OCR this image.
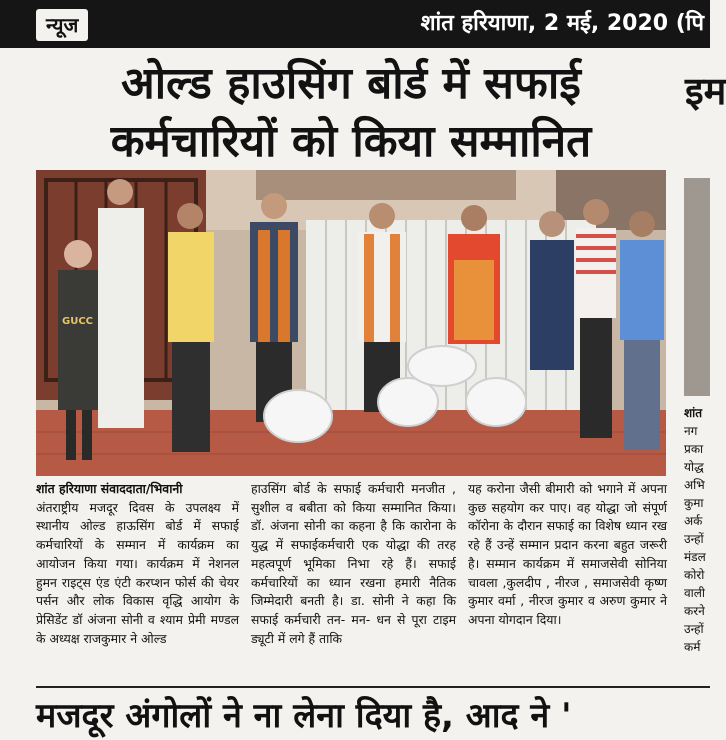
न्यूज	शांत हरियाणा, 2 मई, 2020 (पि
ओल्ड हाउसिंग बोर्ड में सफाई
कर्मचारियों को किया सम्मानित
इम
GUCC
शांत
नग
प्रका
योद्ध
अभि
कुमा
अर्क
उन्हों
मंडल
कोरो
वाली
करने
उन्हों
कर्म

शांत हरियाणा संवाददाता/भिवानी

अंतराष्ट्रीय मजदूर दिवस के उपलक्ष्य में स्थानीय ओल्ड हाऊसिंग बोर्ड में सफाई कर्मचारियों के सम्मान में कार्यक्रम का आयोजन किया गया। कार्यक्रम में नेशनल हुमन राइट्स एंड एंटी करप्शन फोर्स की चेयर पर्सन और लोक विकास वृद्धि आयोग के प्रेसिडेंट डॉ अंजना सोनी व श्याम प्रेमी मण्डल के अध्यक्ष राजकुमार ने ओल्ड

हाउसिंग बोर्ड के सफाई कर्मचारी मनजीत , सुशील व बबीता को किया सम्मानित किया। डॉ. अंजना सोनी का कहना है कि कारोना के युद्ध में सफाईकर्मचारी एक योद्धा की तरह महत्वपूर्ण भूमिका निभा रहे हैं। सफाई कर्मचारियों का ध्यान रखना हमारी नैतिक जिम्मेदारी बनती है। डा. सोनी ने कहा कि सफाई कर्मचारी तन- मन- धन से पूरा टाइम ड्यूटी में लगे हैं ताकि

यह करोना जैसी बीमारी को भगाने में अपना कुछ सहयोग कर पाए। वह योद्धा जो संपूर्ण कॉरोना के दौरान सफाई का विशेष ध्यान रख रहे हैं उन्हें सम्मान प्रदान करना बहुत जरूरी है। सम्मान कार्यक्रम में समाजसेवी सोनिया चावला ,कुलदीप , नीरज , समाजसेवी कृष्ण कुमार वर्मा , नीरज कुमार व अरुण कुमार ने अपना योगदान दिया।

मजदूर अंगोलों ने ना लेना दिया है, आद ने '
